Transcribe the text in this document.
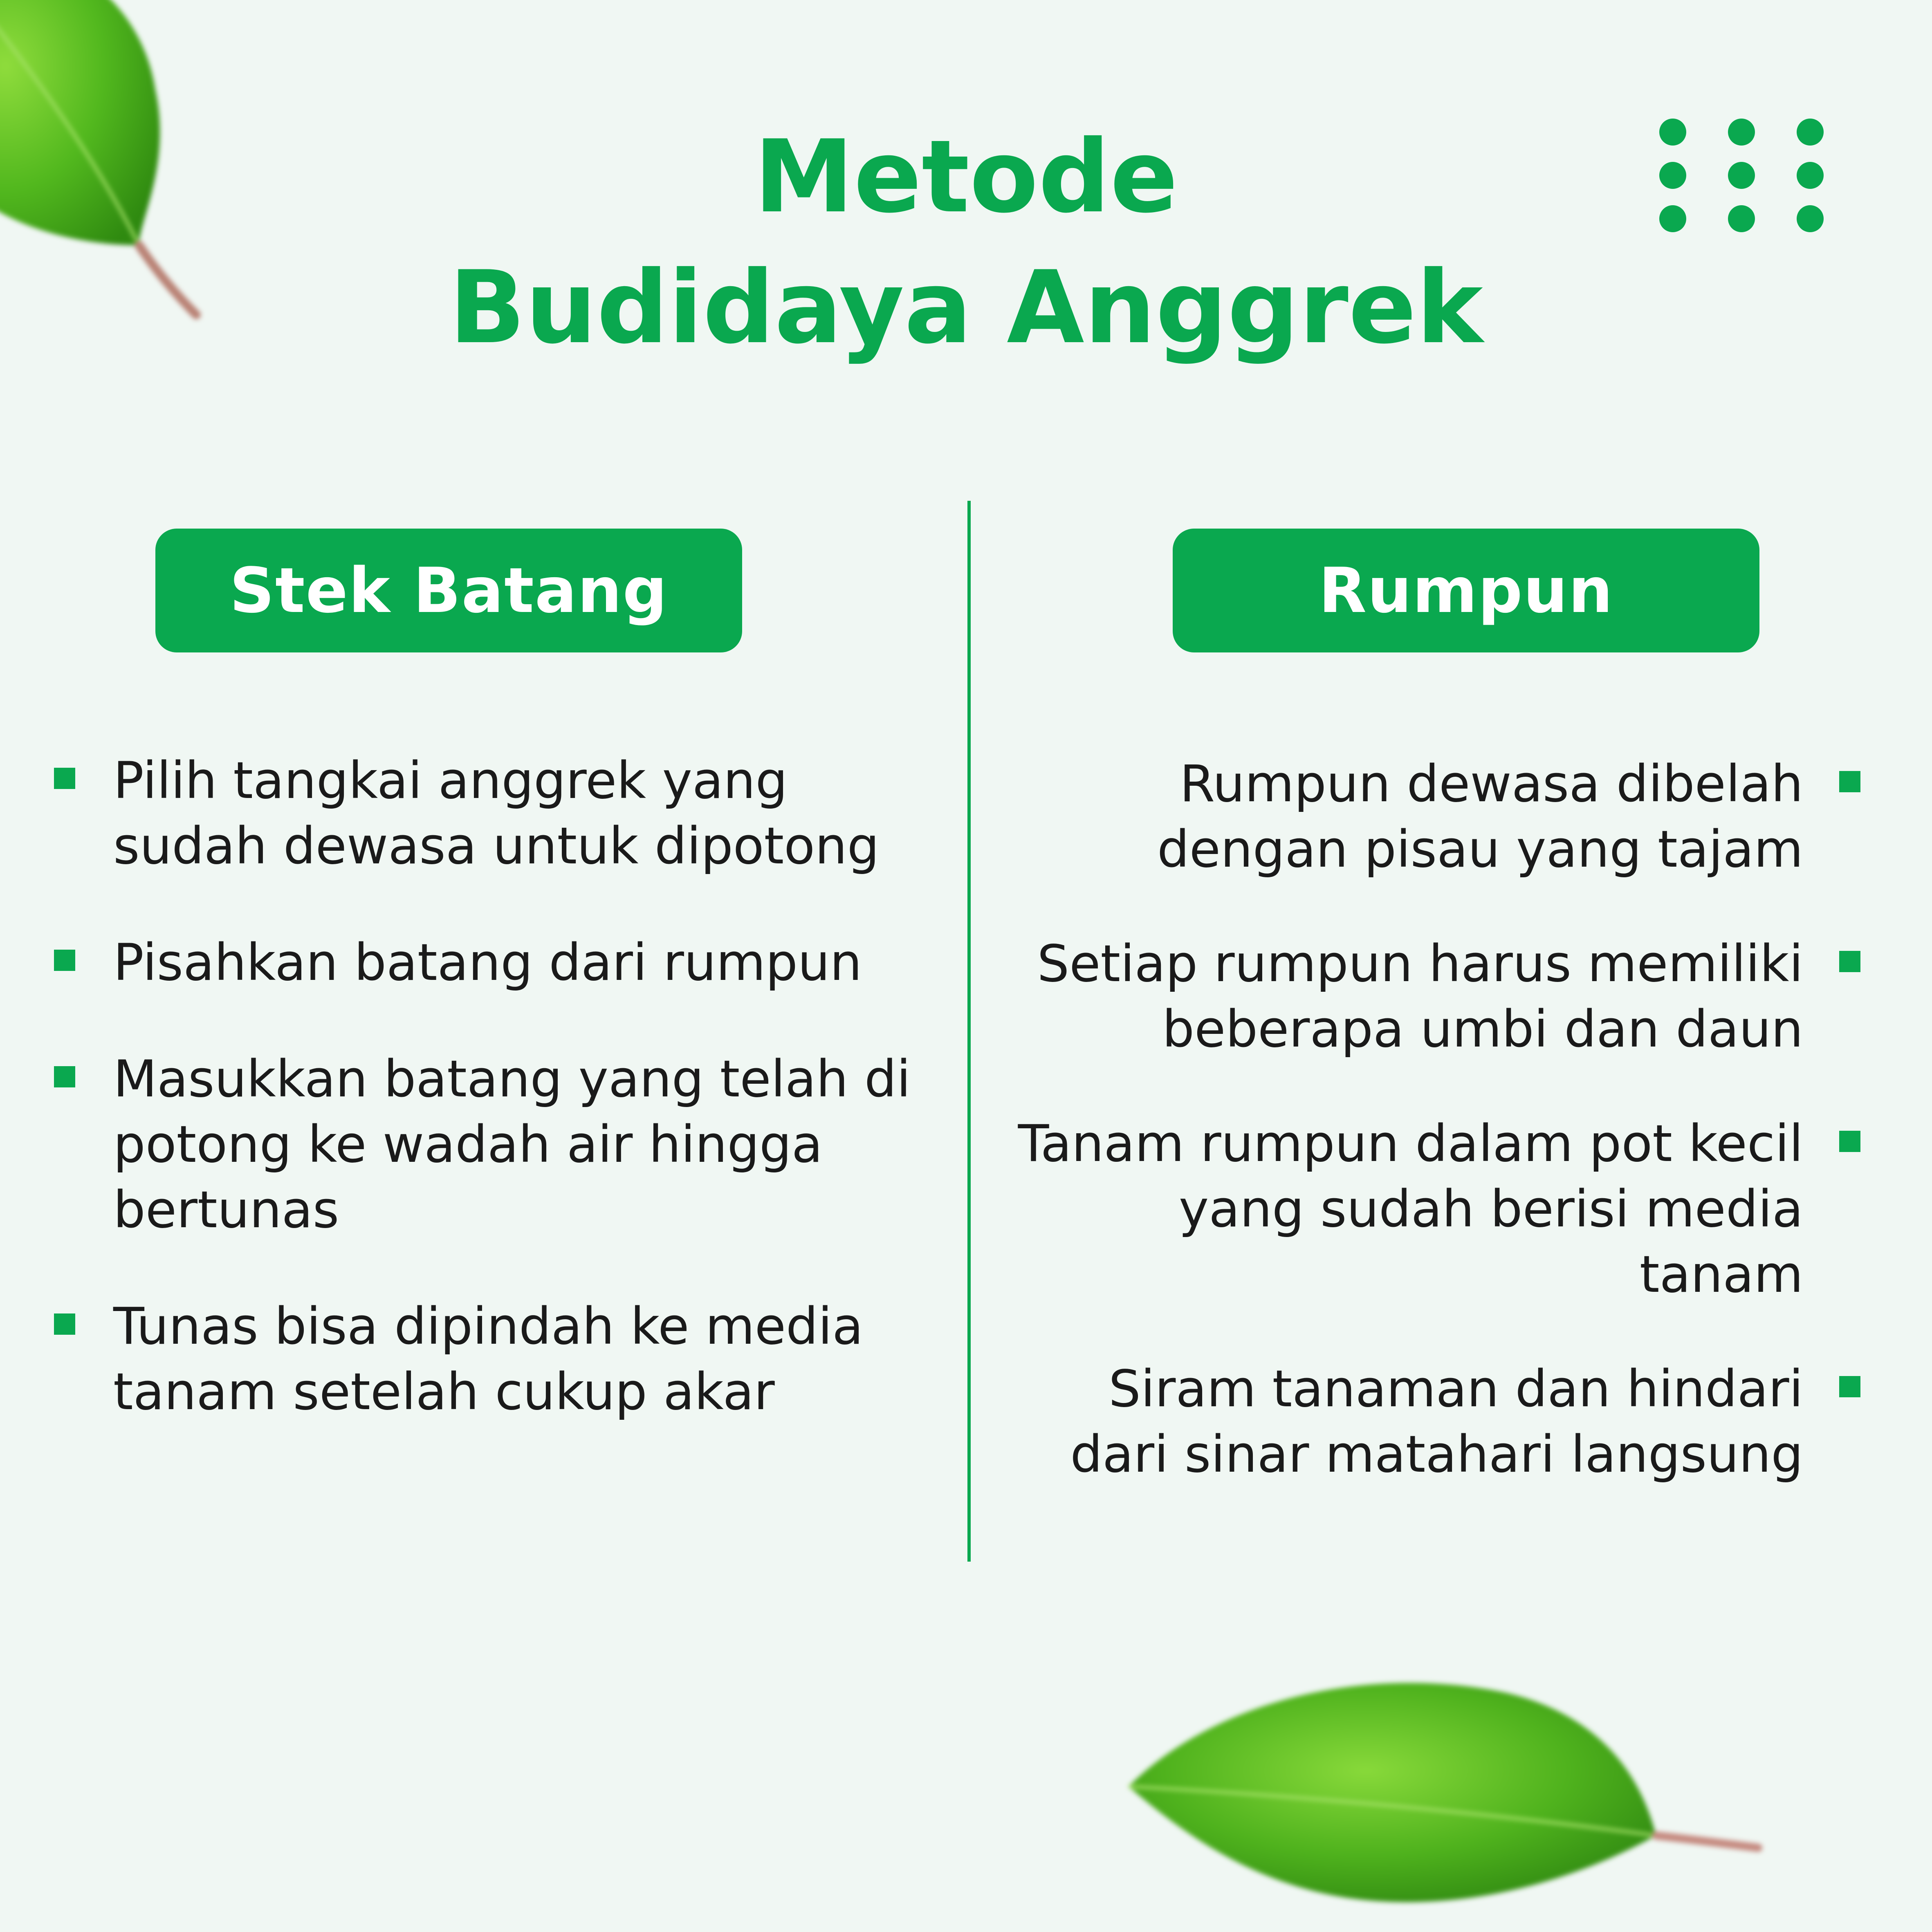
Metode
Budidaya Anggrek
Stek Batang	Rumpun
Pilih tangkai anggrek yang sudah dewasa untuk dipotong
Pisahkan batang dari rumpun
Masukkan batang yang telah di potong ke wadah air hingga bertunas
Tunas bisa dipindah ke media tanam setelah cukup akar
Rumpun dewasa dibelah dengan pisau yang tajam
Setiap rumpun harus memiliki beberapa umbi dan daun
Tanam rumpun dalam pot kecil yang sudah berisi media tanam
Siram tanaman dan hindari dari sinar matahari langsung
